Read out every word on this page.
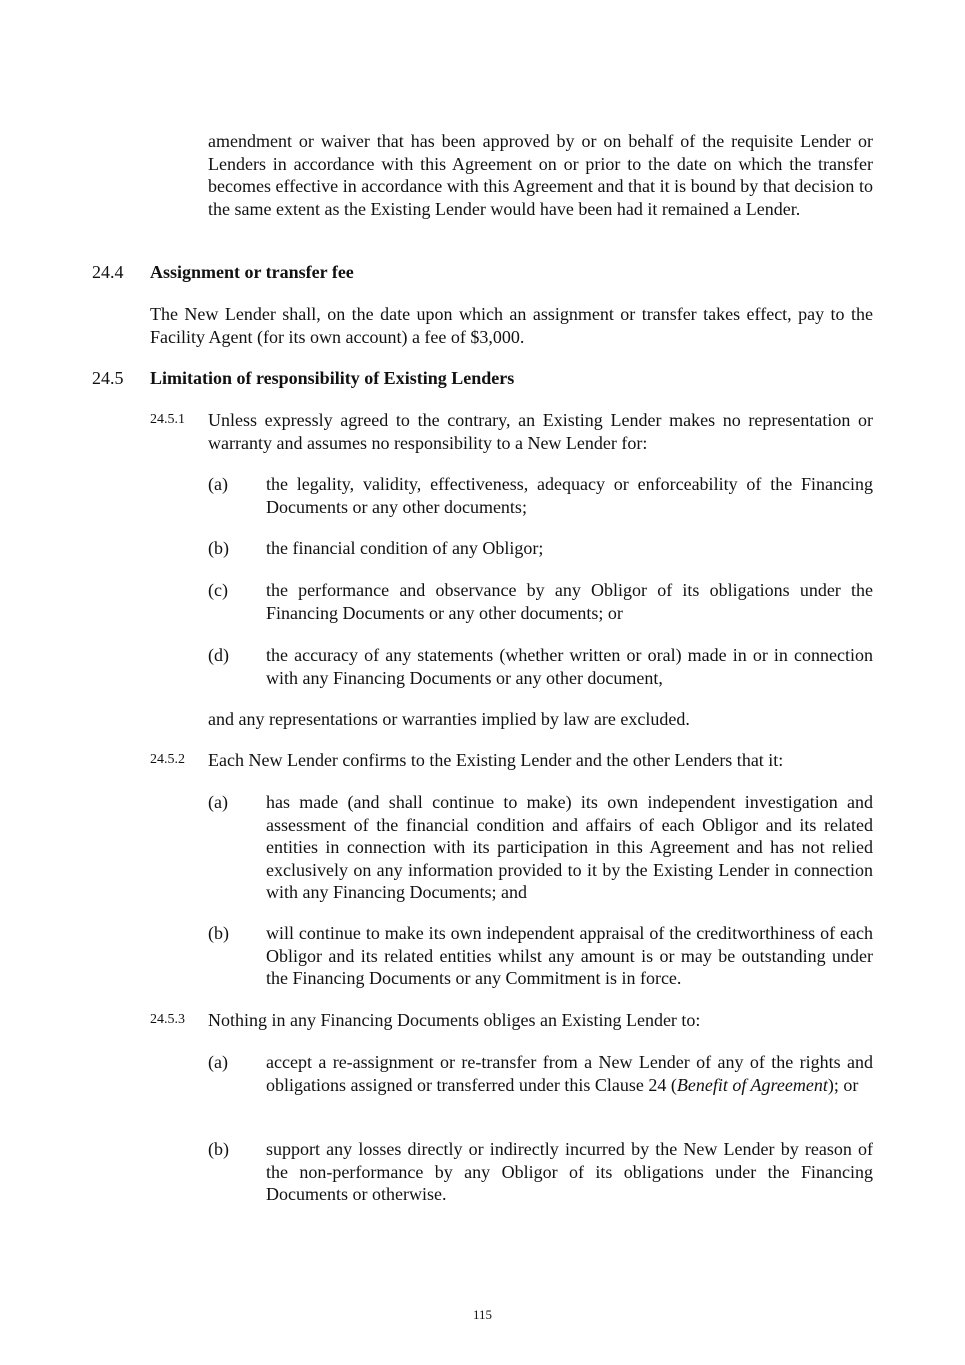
amendment or waiver that has been approved by or on behalf of the requisite Lender or Lenders in accordance with this Agreement on or prior to the date on which the transfer becomes effective in accordance with this Agreement and that it is bound by that decision to the same extent as the Existing Lender would have been had it remained a Lender.
24.4 Assignment or transfer fee
The New Lender shall, on the date upon which an assignment or transfer takes effect, pay to the Facility Agent (for its own account) a fee of $3,000.
24.5 Limitation of responsibility of Existing Lenders
24.5.1 Unless expressly agreed to the contrary, an Existing Lender makes no representation or warranty and assumes no responsibility to a New Lender for:
(a) the legality, validity, effectiveness, adequacy or enforceability of the Financing Documents or any other documents;
(b) the financial condition of any Obligor;
(c) the performance and observance by any Obligor of its obligations under the Financing Documents or any other documents; or
(d) the accuracy of any statements (whether written or oral) made in or in connection with any Financing Documents or any other document,
and any representations or warranties implied by law are excluded.
24.5.2 Each New Lender confirms to the Existing Lender and the other Lenders that it:
(a) has made (and shall continue to make) its own independent investigation and assessment of the financial condition and affairs of each Obligor and its related entities in connection with its participation in this Agreement and has not relied exclusively on any information provided to it by the Existing Lender in connection with any Financing Documents; and
(b) will continue to make its own independent appraisal of the creditworthiness of each Obligor and its related entities whilst any amount is or may be outstanding under the Financing Documents or any Commitment is in force.
24.5.3 Nothing in any Financing Documents obliges an Existing Lender to:
(a) accept a re-assignment or re-transfer from a New Lender of any of the rights and obligations assigned or transferred under this Clause 24 (Benefit of Agreement); or
(b) support any losses directly or indirectly incurred by the New Lender by reason of the non-performance by any Obligor of its obligations under the Financing Documents or otherwise.
115
